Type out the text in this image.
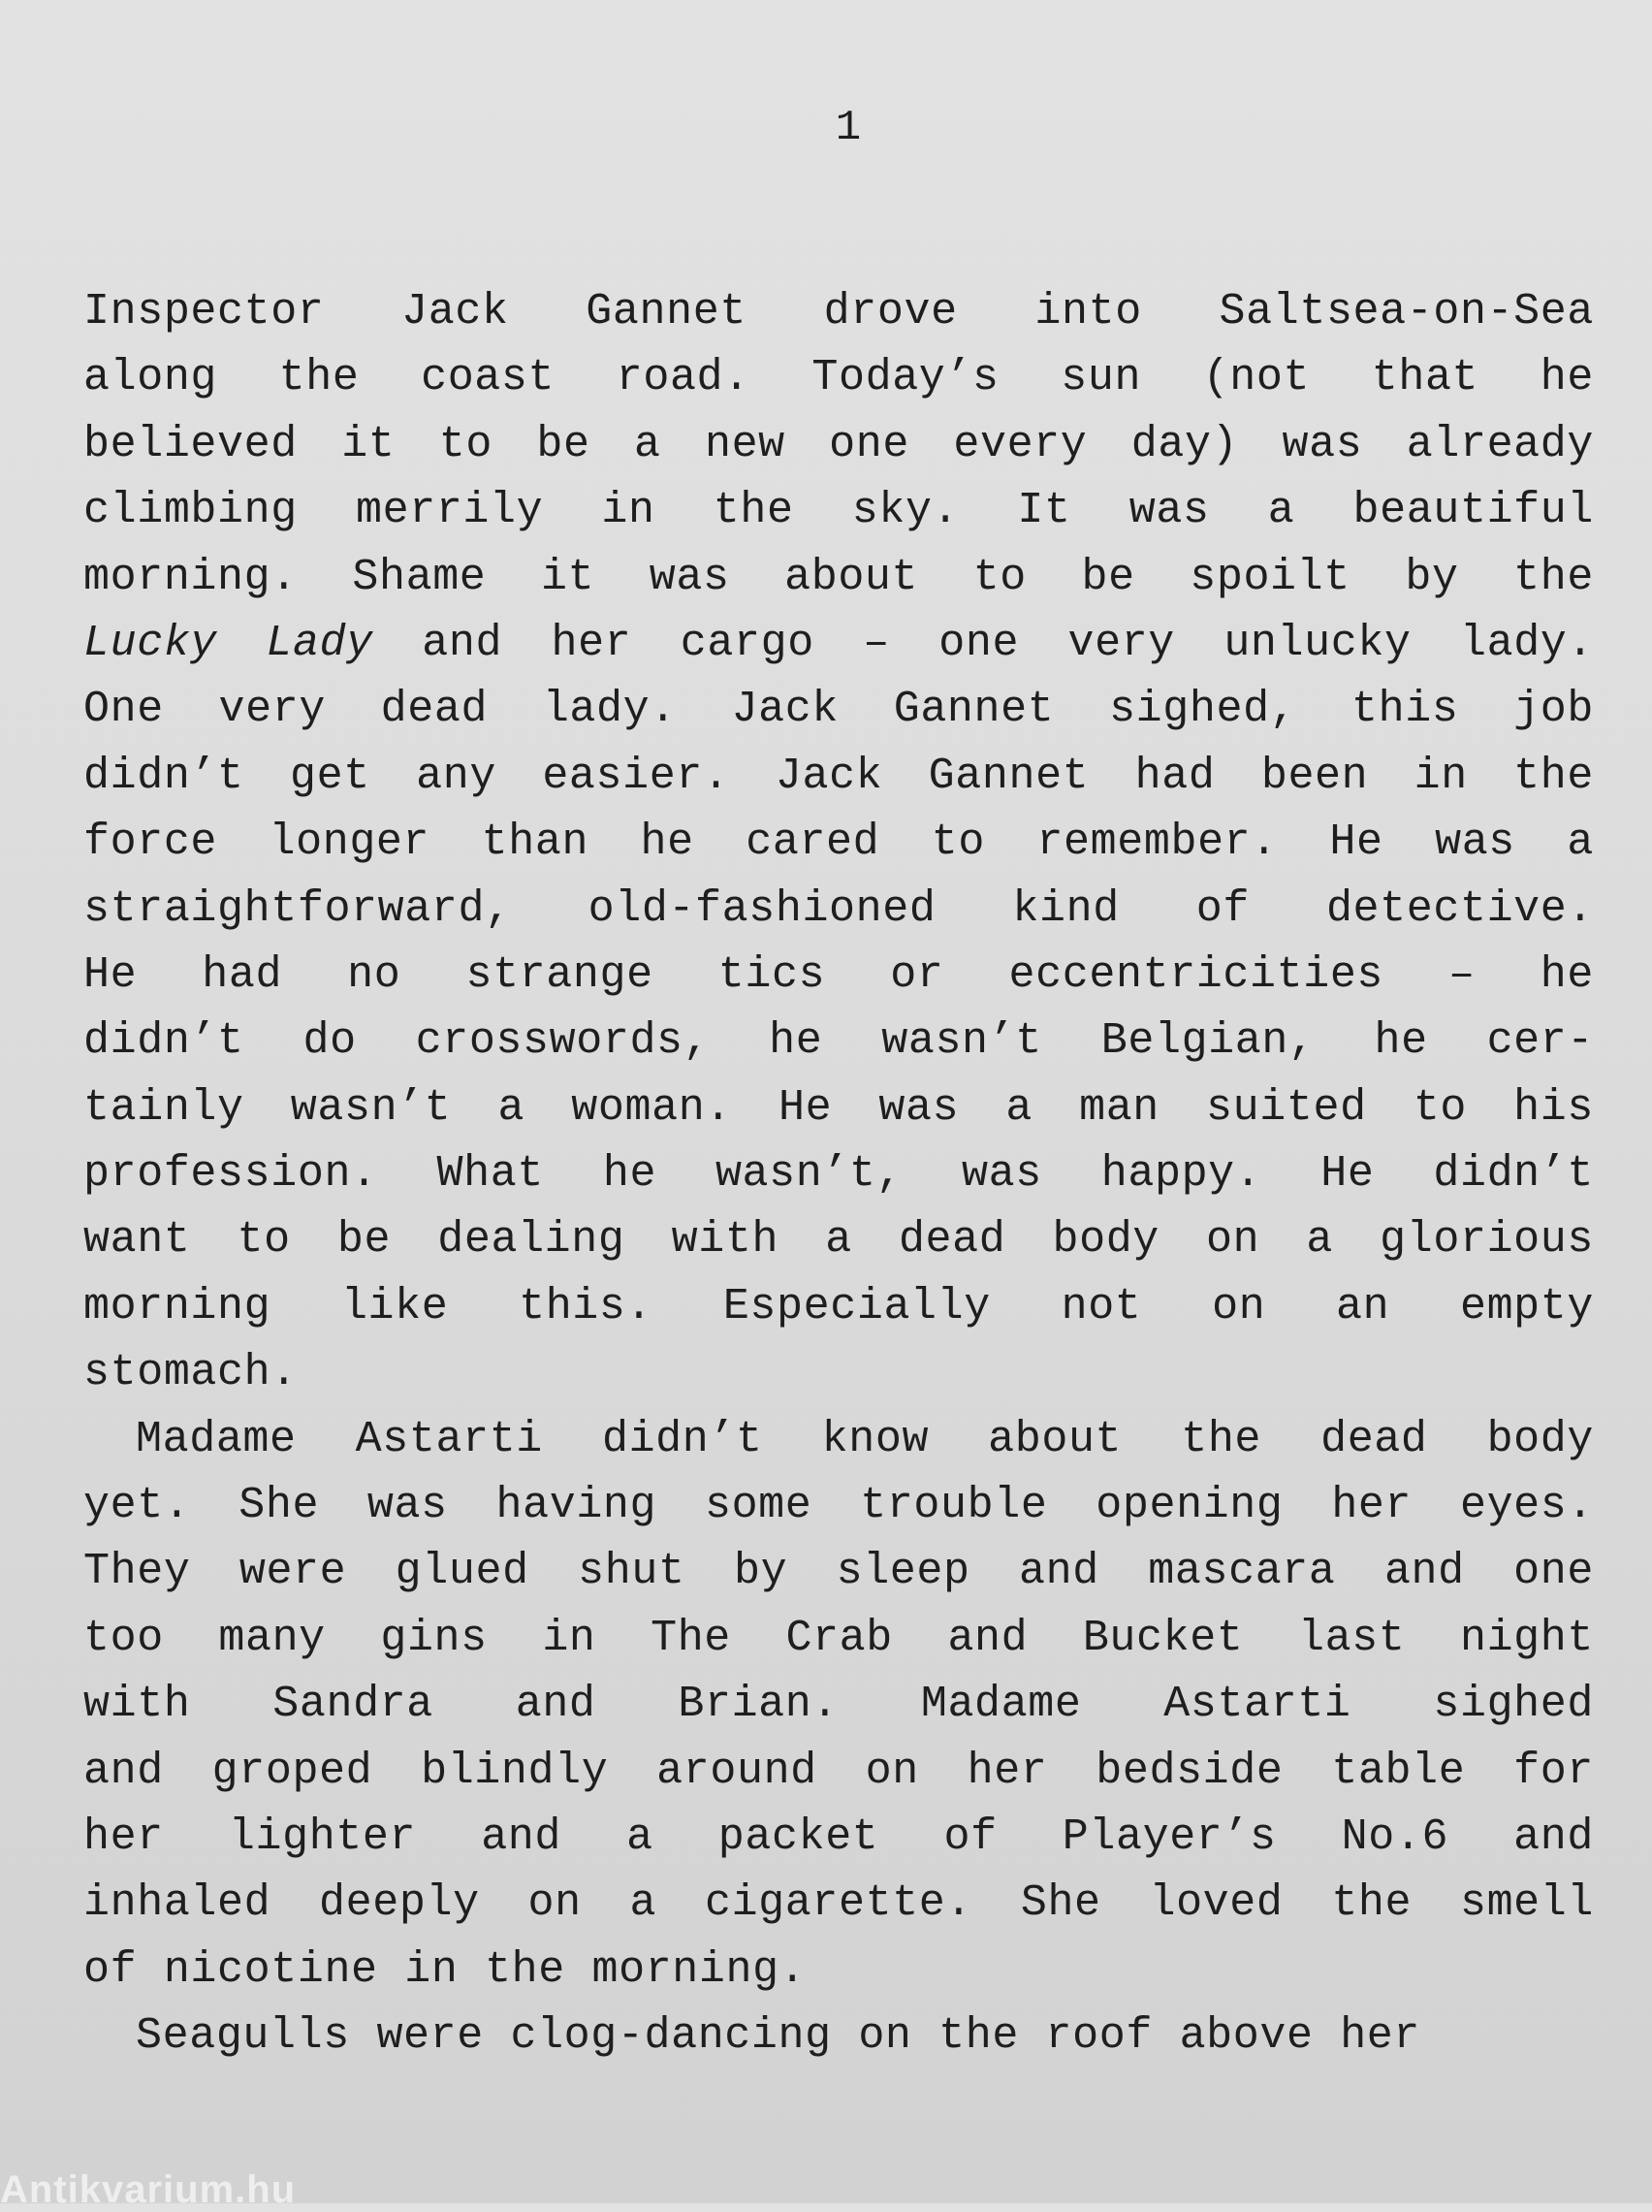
1
Inspector Jack Gannet drove into Saltsea-on-Sea
along the coast road. Today’s sun (not that he
believed it to be a new one every day) was already
climbing merrily in the sky. It was a beautiful
morning. Shame it was about to be spoilt by the
Lucky Lady and her cargo – one very unlucky lady.
One very dead lady. Jack Gannet sighed, this job
didn’t get any easier. Jack Gannet had been in the
force longer than he cared to remember. He was a
straightforward, old-fashioned kind of detective.
He had no strange tics or eccentricities – he
didn’t do crosswords, he wasn’t Belgian, he cer-
tainly wasn’t a woman. He was a man suited to his
profession. What he wasn’t, was happy. He didn’t
want to be dealing with a dead body on a glorious
morning like this. Especially not on an empty
stomach.
Madame Astarti didn’t know about the dead body
yet. She was having some trouble opening her eyes.
They were glued shut by sleep and mascara and one
too many gins in The Crab and Bucket last night
with Sandra and Brian. Madame Astarti sighed
and groped blindly around on her bedside table for
her lighter and a packet of Player’s No.6 and
inhaled deeply on a cigarette. She loved the smell
of nicotine in the morning.
Seagulls were clog-dancing on the roof above her
Antikvarium.hu
